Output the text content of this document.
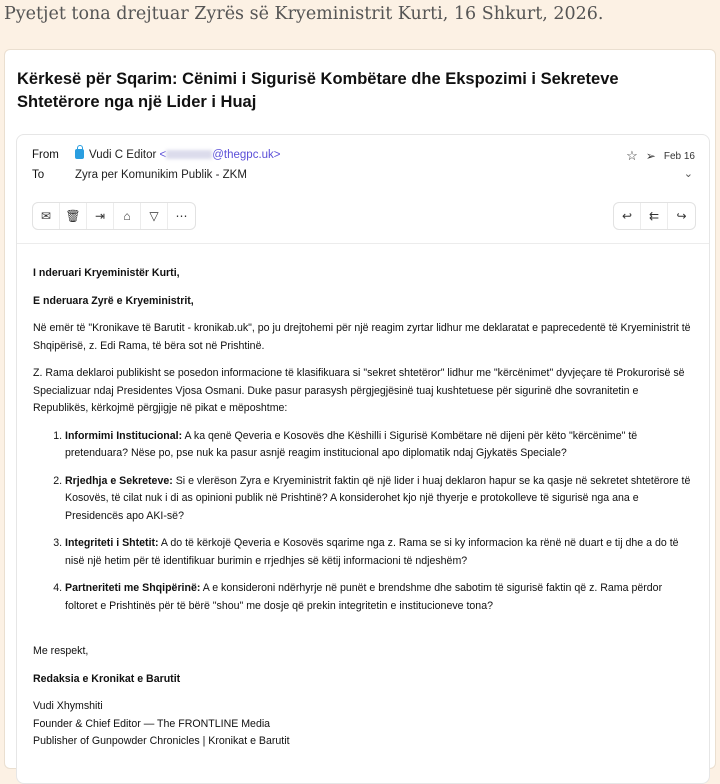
Pyetjet tona drejtuar Zyrës së Kryeministrit Kurti, 16 Shkurt, 2026.
Kërkesë për Sqarim: Cënimi i Sigurisë Kombëtare dhe Ekspozimi i Sekreteve Shtetërore nga një Lider i Huaj
From	Vudi C Editor <	@thegpc.uk>	☆ ➢ Feb 16
To	Zyra per Komunikim Publik - ZKM	⌄
✉	🗑	⇥	⌂	▽	⋯	↩	⇇	↪

I nderuari Kryeministër Kurti,

E nderuara Zyrë e Kryeministrit,

Në emër të "Kronikave të Barutit - kronikab.uk", po ju drejtohemi për një reagim zyrtar lidhur me deklaratat e paprecedentë të Kryeministrit të Shqipërisë, z. Edi Rama, të bëra sot në Prishtinë.

Z. Rama deklaroi publikisht se posedon informacione të klasifikuara si "sekret shtetëror" lidhur me "kërcënimet" dyvjeçare të Prokurorisë së Specializuar ndaj Presidentes Vjosa Osmani. Duke pasur parasysh përgjegjësinë tuaj kushtetuese për sigurinë dhe sovranitetin e Republikës, kërkojmë përgjigje në pikat e mëposhtme:

1. Informimi Institucional: A ka qenë Qeveria e Kosovës dhe Këshilli i Sigurisë Kombëtare në dijeni për këto "kërcënime" të pretenduara? Nëse po, pse nuk ka pasur asnjë reagim institucional apo diplomatik ndaj Gjykatës Speciale?
2. Rrjedhja e Sekreteve: Si e vlerëson Zyra e Kryeministrit faktin që një lider i huaj deklaron hapur se ka qasje në sekretet shtetërore të Kosovës, të cilat nuk i di as opinioni publik në Prishtinë? A konsiderohet kjo një thyerje e protokolleve të sigurisë nga ana e Presidencës apo AKI-së?
3. Integriteti i Shtetit: A do të kërkojë Qeveria e Kosovës sqarime nga z. Rama se si ky informacion ka rënë në duart e tij dhe a do të nisë një hetim për të identifikuar burimin e rrjedhjes së këtij informacioni të ndjeshëm?
4. Partneriteti me Shqipërinë: A e konsideroni ndërhyrje në punët e brendshme dhe sabotim të sigurisë faktin që z. Rama përdor foltoret e Prishtinës për të bërë "shou" me dosje që prekin integritetin e institucioneve tona?

Me respekt,

Redaksia e Kronikat e Barutit

Vudi Xhymshiti
Founder & Chief Editor — The FRONTLINE Media
Publisher of Gunpowder Chronicles | Kronikat e Barutit
